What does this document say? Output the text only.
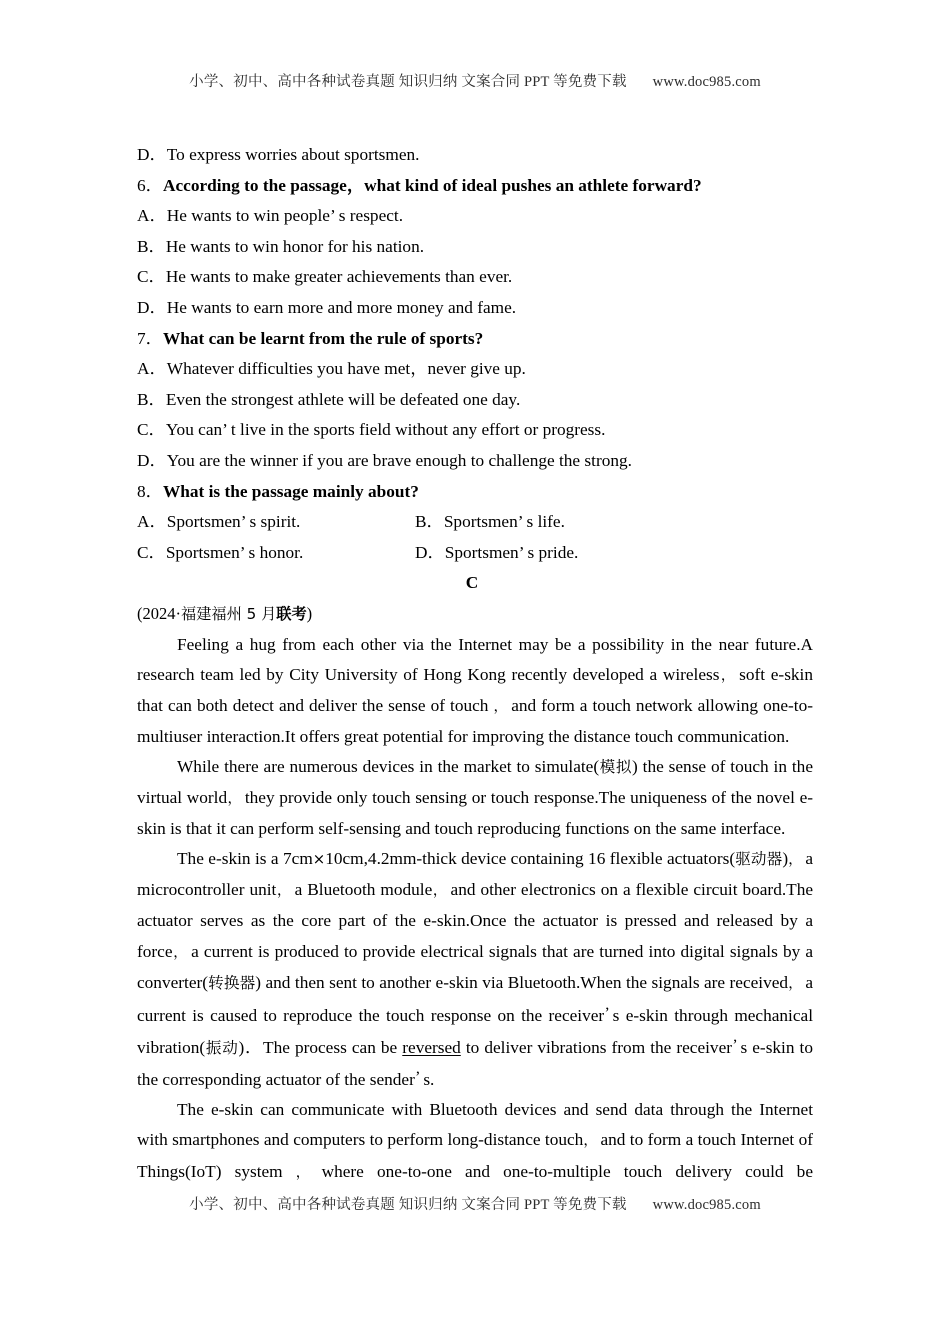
小学、初中、高中各种试卷真题 知识归纳 文案合同 PPT 等免费下载 www.doc985.com
D．To express worries about sportsmen.
6．According to the passage，what kind of ideal pushes an athlete forward?
A．He wants to win people’ s respect.
B．He wants to win honor for his nation.
C．He wants to make greater achievements than ever.
D．He wants to earn more and more money and fame.
7．What can be learnt from the rule of sports?
A．Whatever difficulties you have met，never give up.
B．Even the strongest athlete will be defeated one day.
C．You can’ t live in the sports field without any effort or progress.
D．You are the winner if you are brave enough to challenge the strong.
8．What is the passage mainly about?
A．Sportsmen’ s spirit.	B．Sportsmen’ s life.
C．Sportsmen’ s honor.	D．Sportsmen’ s pride.
C
(2024·福建福州 5 月联考)

Feeling a hug from each other via the Internet may be a possibility in the near future.A research team led by City University of Hong Kong recently developed a wireless， soft e-skin that can both detect and deliver the sense of touch ， and form a touch network allowing one-to-multiuser interaction.It offers great potential for improving the distance touch communication.

While there are numerous devices in the market to simulate(模拟) the sense of touch in the virtual world， they provide only touch sensing or touch response.The uniqueness of the novel e-skin is that it can perform self-sensing and touch reproducing functions on the same interface.

The e-skin is a 7cm×10cm,4.2mm-thick device containing 16 flexible actuators(驱动器)， a microcontroller unit， a Bluetooth module， and other electronics on a flexible circuit board.The actuator serves as the core part of the e-skin.Once the actuator is pressed and released by a force， a current is produced to provide electrical signals that are turned into digital signals by a converter(转换器) and then sent to another e-skin via Bluetooth.When the signals are received， a current is caused to reproduce the touch response on the receiver’ s e-skin through mechanical vibration(振动)．The process can be reversed to deliver vibrations from the receiver’ s e-skin to the corresponding actuator of the sender’ s.

The e-skin can communicate with Bluetooth devices and send data through the Internet with smartphones and computers to perform long-distance touch， and to form a touch Internet of Things(IoT) system ， where one-to-one and one-to-multiple touch delivery could be

小学、初中、高中各种试卷真题 知识归纳 文案合同 PPT 等免费下载 www.doc985.com
